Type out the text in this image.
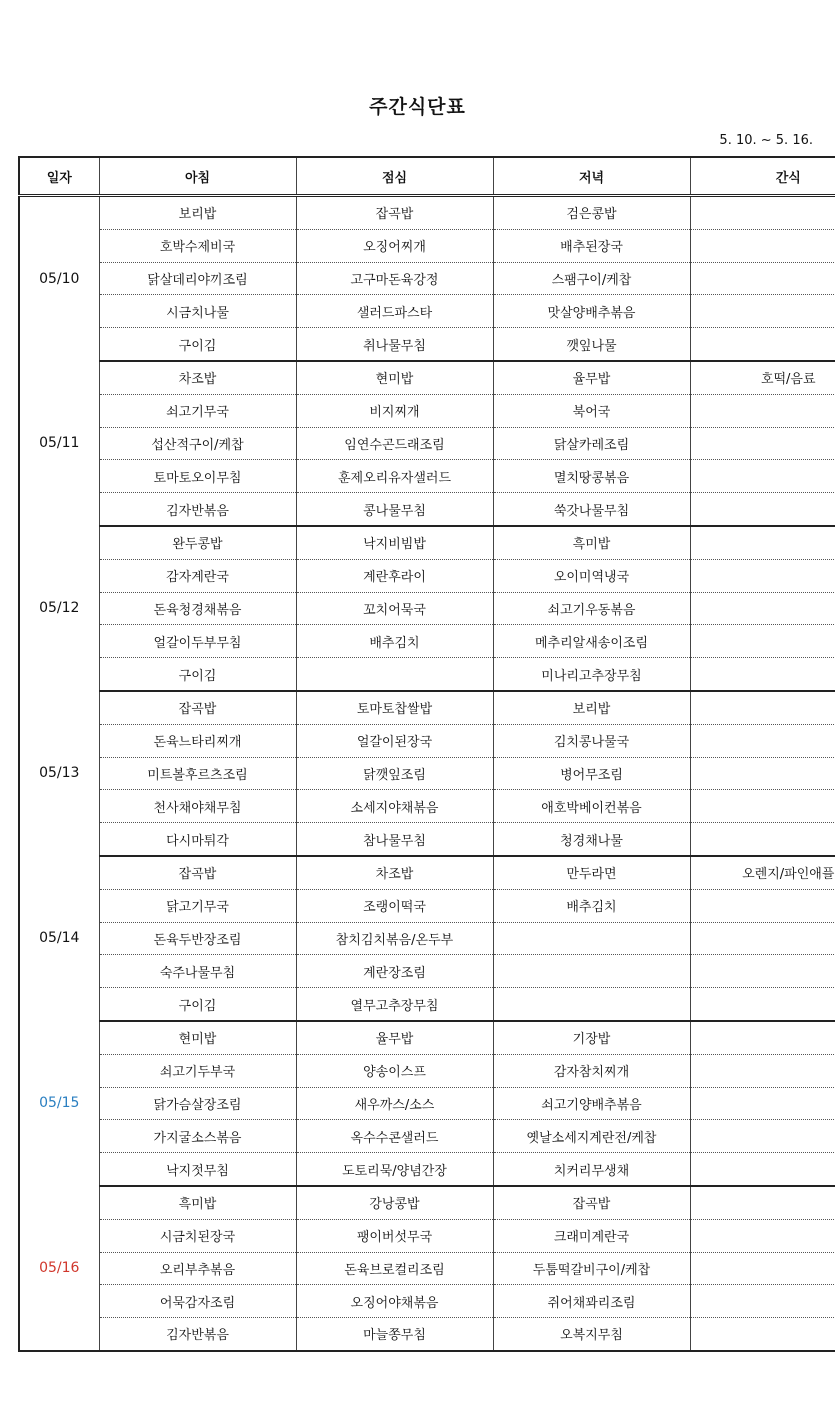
주간식단표
5. 10. ~ 5. 16.
일자	아침	점심	저녁	간식
05/10	보리밥	잡곡밥	검은콩밥	
	호박수제비국	오징어찌개	배추된장국	
	닭살데리야끼조림	고구마돈육강정	스팸구이/케찹	
	시금치나물	샐러드파스타	맛살양배추볶음	
	구이김	취나물무침	깻잎나물	
05/11	차조밥	현미밥	율무밥	호떡/음료
	쇠고기무국	비지찌개	북어국	
	섭산적구이/케찹	임연수곤드래조림	닭살카레조림	
	토마토오이무침	훈제오리유자샐러드	멸치땅콩볶음	
	김자반볶음	콩나물무침	쑥갓나물무침	
05/12	완두콩밥	낙지비빔밥	흑미밥	
	감자계란국	계란후라이	오이미역냉국	
	돈육청경채볶음	꼬치어묵국	쇠고기우동볶음	
	얼갈이두부무침	배추김치	메추리알새송이조림	
	구이김		미나리고추장무침	
05/13	잡곡밥	토마토찹쌀밥	보리밥	
	돈육느타리찌개	얼갈이된장국	김치콩나물국	
	미트볼후르츠조림	닭깻잎조림	병어무조림	
	천사채야채무침	소세지야채볶음	애호박베이컨볶음	
	다시마튀각	참나물무침	청경채나물	
05/14	잡곡밥	차조밥	만두라면	오렌지/파인애플
	닭고기무국	조랭이떡국	배추김치	
	돈육두반장조림	참치김치볶음/온두부		
	숙주나물무침	계란장조림		
	구이김	열무고추장무침		
05/15	현미밥	율무밥	기장밥	
	쇠고기두부국	양송이스프	감자참치찌개	
	닭가슴살장조림	새우까스/소스	쇠고기양배추볶음	
	가지굴소스볶음	옥수수콘샐러드	옛날소세지계란전/케찹	
	낙지젓무침	도토리묵/양념간장	치커리무생채	
05/16	흑미밥	강낭콩밥	잡곡밥	
	시금치된장국	팽이버섯무국	크래미계란국	
	오리부추볶음	돈육브로컬리조림	두툼떡갈비구이/케찹	
	어묵감자조림	오징어야채볶음	쥐어채꽈리조림	
	김자반볶음	마늘쫑무침	오복지무침	
